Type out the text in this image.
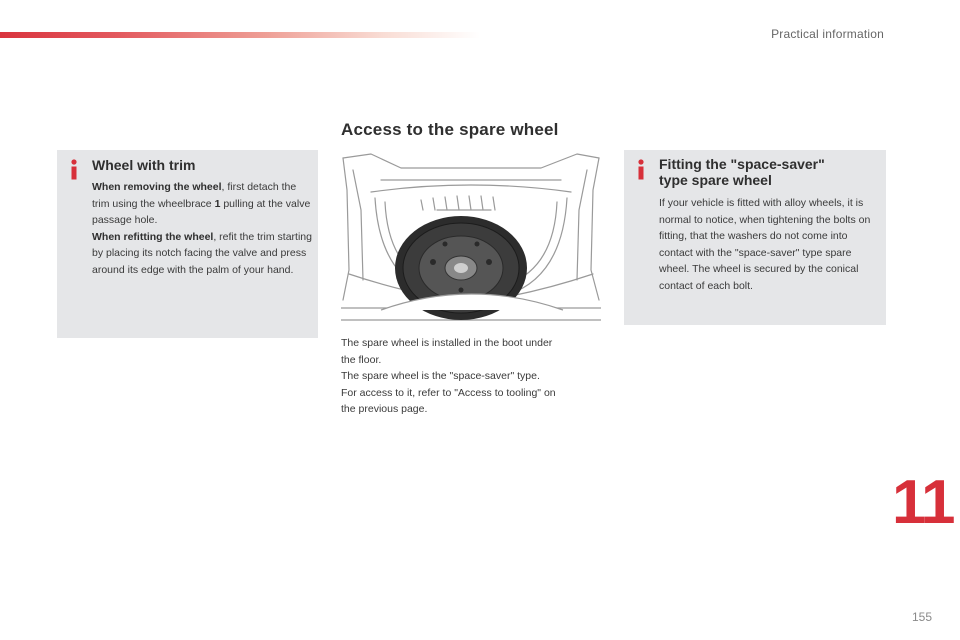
Practical information
Access to the spare wheel
Wheel with trim
When removing the wheel, first detach the trim using the wheelbrace 1 pulling at the valve passage hole.
When refitting the wheel, refit the trim starting by placing its notch facing the valve and press around its edge with the palm of your hand.
The spare wheel is installed in the boot under
the floor.
The spare wheel is the "space-saver" type.
For access to it, refer to "Access to tooling" on
the previous page.
Fitting the "space-saver"
type spare wheel
If your vehicle is fitted with alloy wheels, it is normal to notice, when tightening the bolts on fitting, that the washers do not come into contact with the "space-saver" type spare wheel. The wheel is secured by the conical contact of each bolt.
11
155
